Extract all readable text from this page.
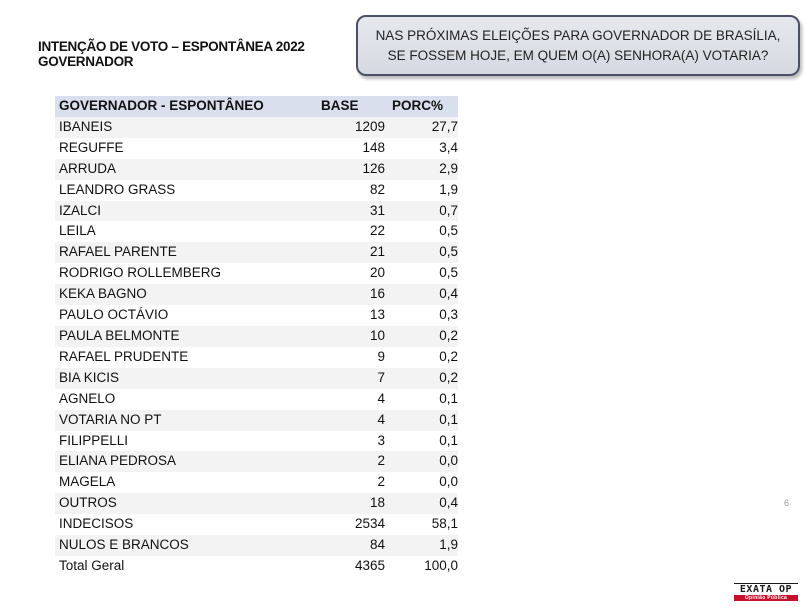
INTENÇÃO DE VOTO – ESPONTÂNEA 2022
GOVERNADOR
NAS PRÓXIMAS ELEIÇÕES PARA GOVERNADOR DE BRASÍLIA, SE FOSSEM HOJE, EM QUEM O(A) SENHORA(A) VOTARIA?
GOVERNADOR - ESPONTÂNEO	BASE	PORC%
IBANEIS	1209	27,7
REGUFFE	148	3,4
ARRUDA	126	2,9
LEANDRO GRASS	82	1,9
IZALCI	31	0,7
LEILA	22	0,5
RAFAEL PARENTE	21	0,5
RODRIGO ROLLEMBERG	20	0,5
KEKA BAGNO	16	0,4
PAULO OCTÁVIO	13	0,3
PAULA BELMONTE	10	0,2
RAFAEL PRUDENTE	9	0,2
BIA KICIS	7	0,2
AGNELO	4	0,1
VOTARIA NO PT	4	0,1
FILIPPELLI	3	0,1
ELIANA PEDROSA	2	0,0
MAGELA	2	0,0
OUTROS	18	0,4
INDECISOS	2534	58,1
NULOS E BRANCOS	84	1,9
Total Geral	4365	100,0
6
EXATA OP
Opinião Pública
